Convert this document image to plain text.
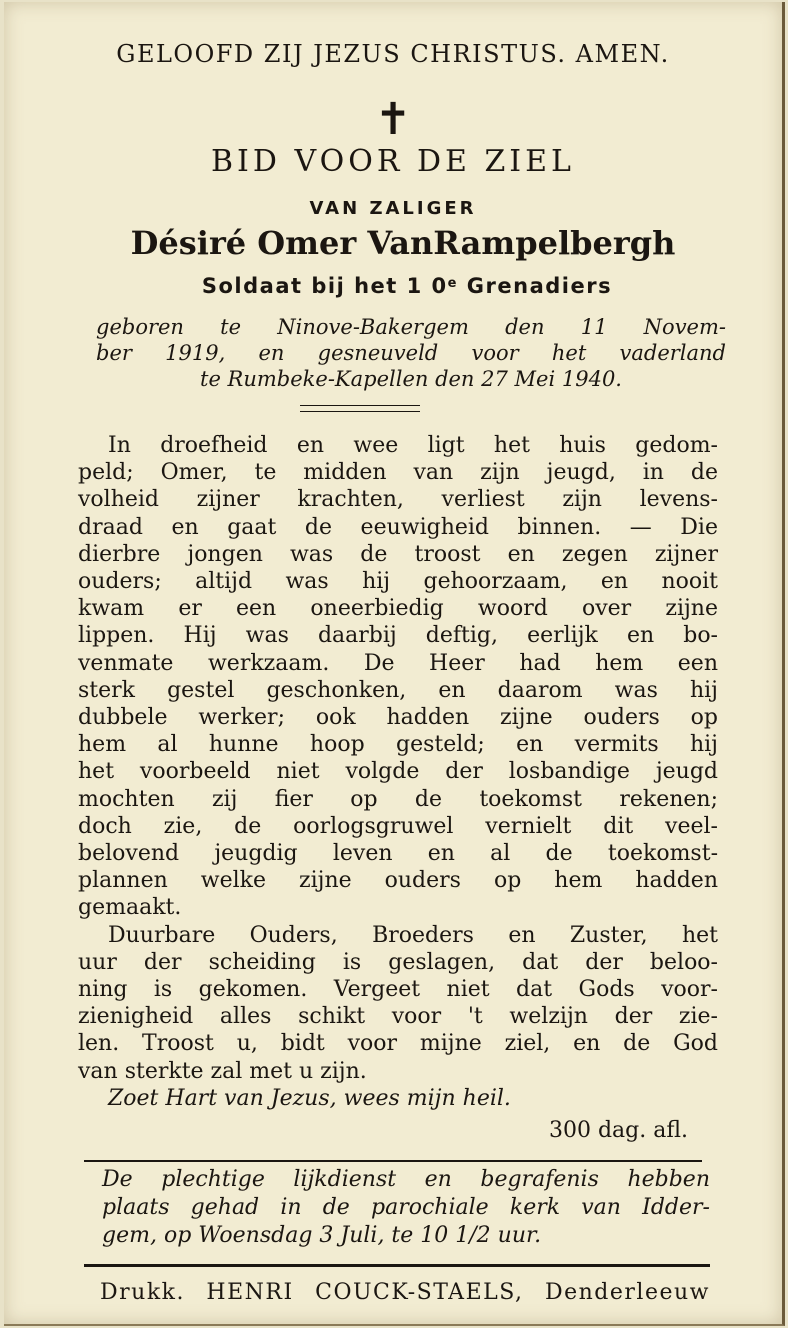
GELOOFD ZIJ JEZUS CHRISTUS. AMEN.
✝
BID VOOR DE ZIEL
VAN ZALIGER
Désiré Omer VanRampelbergh
Soldaat bij het 1 0e Grenadiers
geboren te Ninove-Bakergem den 11 Novem-
ber 1919, en gesneuveld voor het vaderland
te Rumbeke-Kapellen den 27 Mei 1940.
In droefheid en wee ligt het huis gedom-
peld; Omer, te midden van zijn jeugd, in de
volheid zijner krachten, verliest zijn levens-
draad en gaat de eeuwigheid binnen. — Die
dierbre jongen was de troost en zegen zijner
ouders; altijd was hij gehoorzaam, en nooit
kwam er een oneerbiedig woord over zijne
lippen. Hij was daarbij deftig, eerlijk en bo-
venmate werkzaam. De Heer had hem een
sterk gestel geschonken, en daarom was hij
dubbele werker; ook hadden zijne ouders op
hem al hunne hoop gesteld; en vermits hij
het voorbeeld niet volgde der losbandige jeugd
mochten zij fier op de toekomst rekenen;
doch zie, de oorlogsgruwel vernielt dit veel-
belovend jeugdig leven en al de toekomst-
plannen welke zijne ouders op hem hadden
gemaakt.
Duurbare Ouders, Broeders en Zuster, het
uur der scheiding is geslagen, dat der beloo-
ning is gekomen. Vergeet niet dat Gods voor-
zienigheid alles schikt voor 't welzijn der zie-
len. Troost u, bidt voor mijne ziel, en de God
van sterkte zal met u zijn.
Zoet Hart van Jezus, wees mijn heil.
300 dag. afl.
De plechtige lijkdienst en begrafenis hebben
plaats gehad in de parochiale kerk van Idder-
gem, op Woensdag 3 Juli, te 10 1/2 uur.
Drukk. HENRI COUCK-STAELS, Denderleeuw
